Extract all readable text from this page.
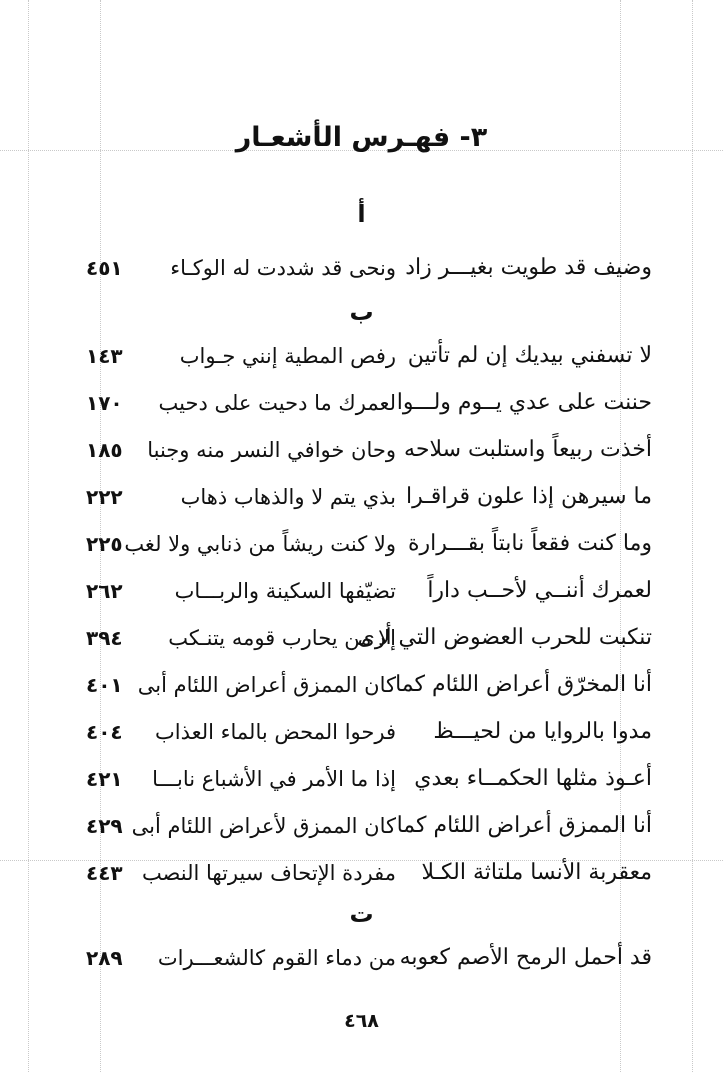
٣- فهـرس الأشعـار
أ
وضيف قد طويت بغيـــر زاد
ونحى قد شددت له الوكـاء
٤٥١
ب
لا تسفني بيديك إن لم تأتين
رفص المطية إنني جـواب
١٤٣
حننت على عدي يــوم ولـــوا
لعمرك ما دحيت على دحيب
١٧٠
أخذت ربيعاً واستلبت سلاحه
وحان خوافي النسر منه وجنبا
١٨٥
ما سيرهن إذا علون قراقـرا
بذي يتم لا والذهاب ذهاب
٢٢٢
وما كنت فقعاً نابتاً بقـــرارة
ولا كنت ريشاً من ذنابي ولا لغب
٢٢٥
لعمرك أننــي لأحــب داراً
تضيّفها السكينة والربـــاب
٢٦٢
تنكبت للحرب العضوض التي أرى
إلا من يحارب قومه يتنـكب
٣٩٤
أنا المخرّق أعراض اللئام كما
كان الممزق أعراض اللئام أبى
٤٠١
مدوا بالروايا من لحيـــظ
فرحوا المحض بالماء العذاب
٤٠٤
أعـوذ مثلها الحكمــاء بعدي
إذا ما الأمر في الأشباع نابـــا
٤٢١
أنا الممزق أعراض اللئام كما
كان الممزق لأعراض اللئام أبى
٤٢٩
معقربة الأنسا ملتاثة الكـلا
مفردة الإتحاف سيرتها النصب
٤٤٣
ت
قد أحمل الرمح الأصم كعوبه
من دماء القوم كالشعـــرات
٢٨٩
٤٦٨
